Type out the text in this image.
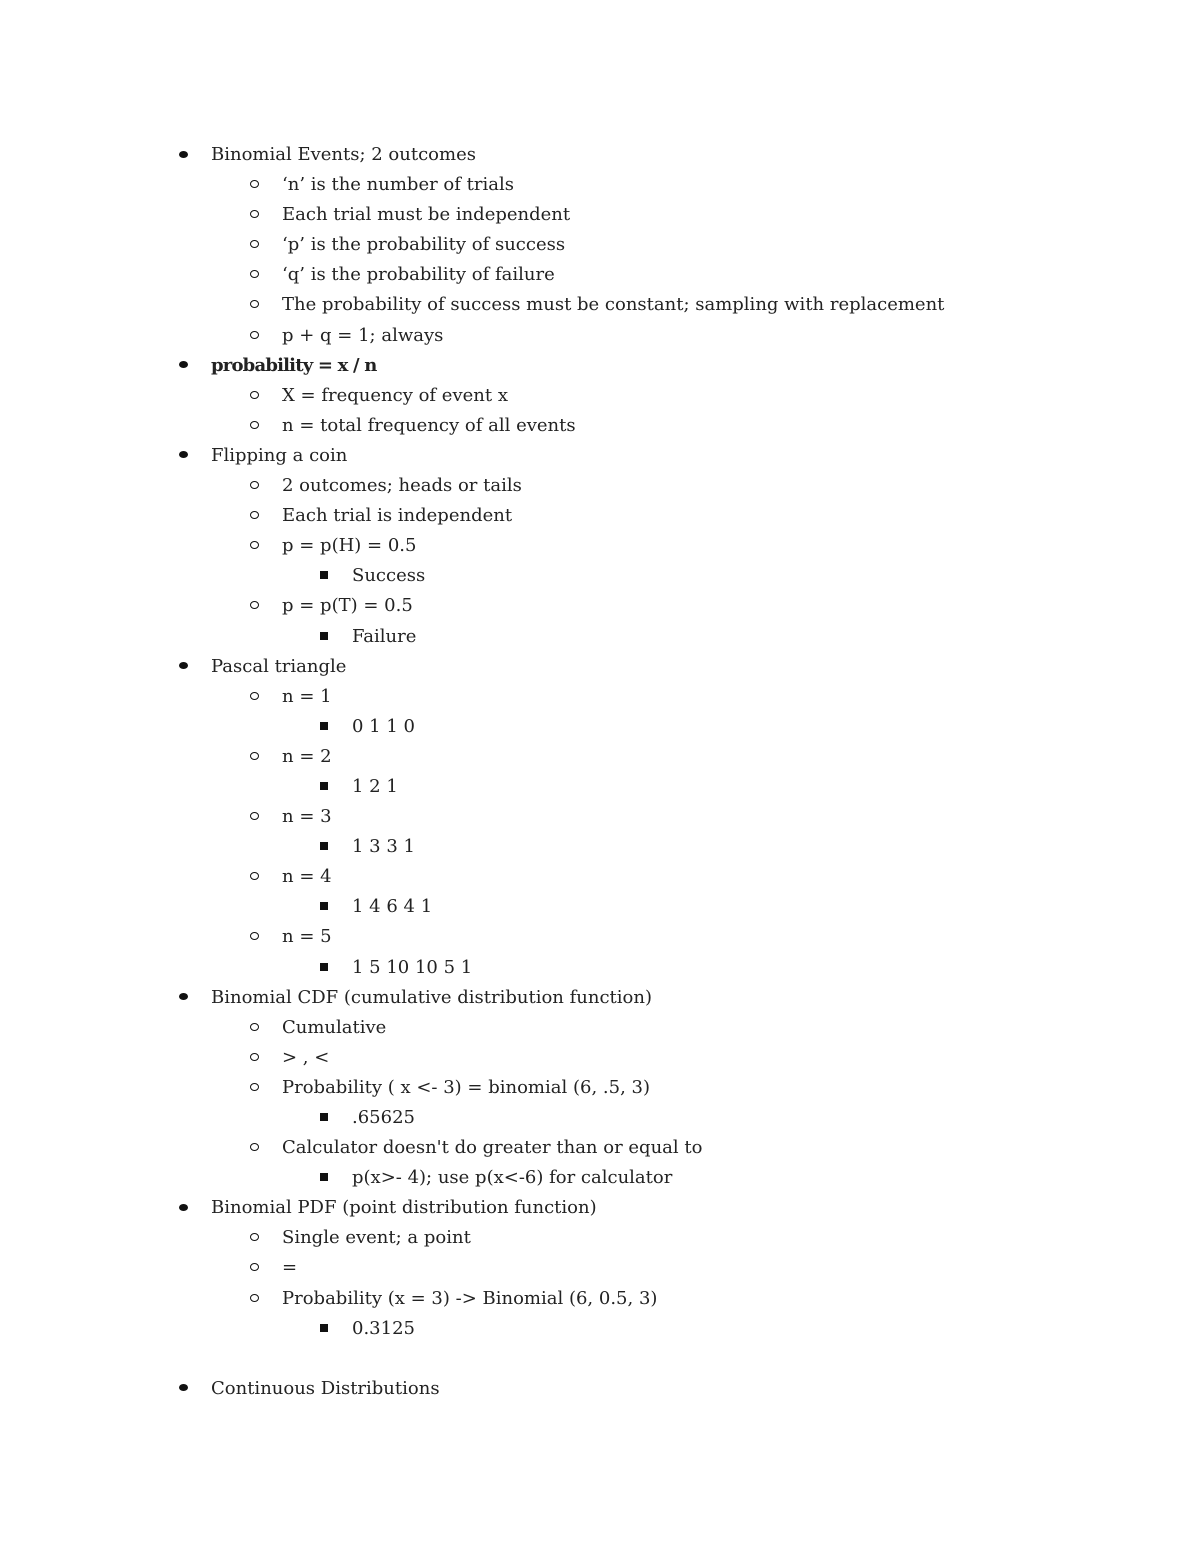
Binomial Events; 2 outcomes
‘n’ is the number of trials
Each trial must be independent
‘p’ is the probability of success
‘q’ is the probability of failure
The probability of success must be constant; sampling with replacement
p + q = 1; always
probability = x / n
X = frequency of event x
n = total frequency of all events
Flipping a coin
2 outcomes; heads or tails
Each trial is independent
p = p(H) = 0.5
Success
p = p(T) = 0.5
Failure
Pascal triangle
n = 1
0 1 1 0
n = 2
1 2 1
n = 3
1 3 3 1
n = 4
1 4 6 4 1
n = 5
1 5 10 10 5 1
Binomial CDF (cumulative distribution function)
Cumulative
> , <
Probability ( x <- 3) = binomial (6, .5, 3)
.65625
Calculator doesn't do greater than or equal to
p(x>- 4); use p(x<-6) for calculator
Binomial PDF (point distribution function)
Single event; a point
=
Probability (x = 3) -> Binomial (6, 0.5, 3)
0.3125
Continuous Distributions
